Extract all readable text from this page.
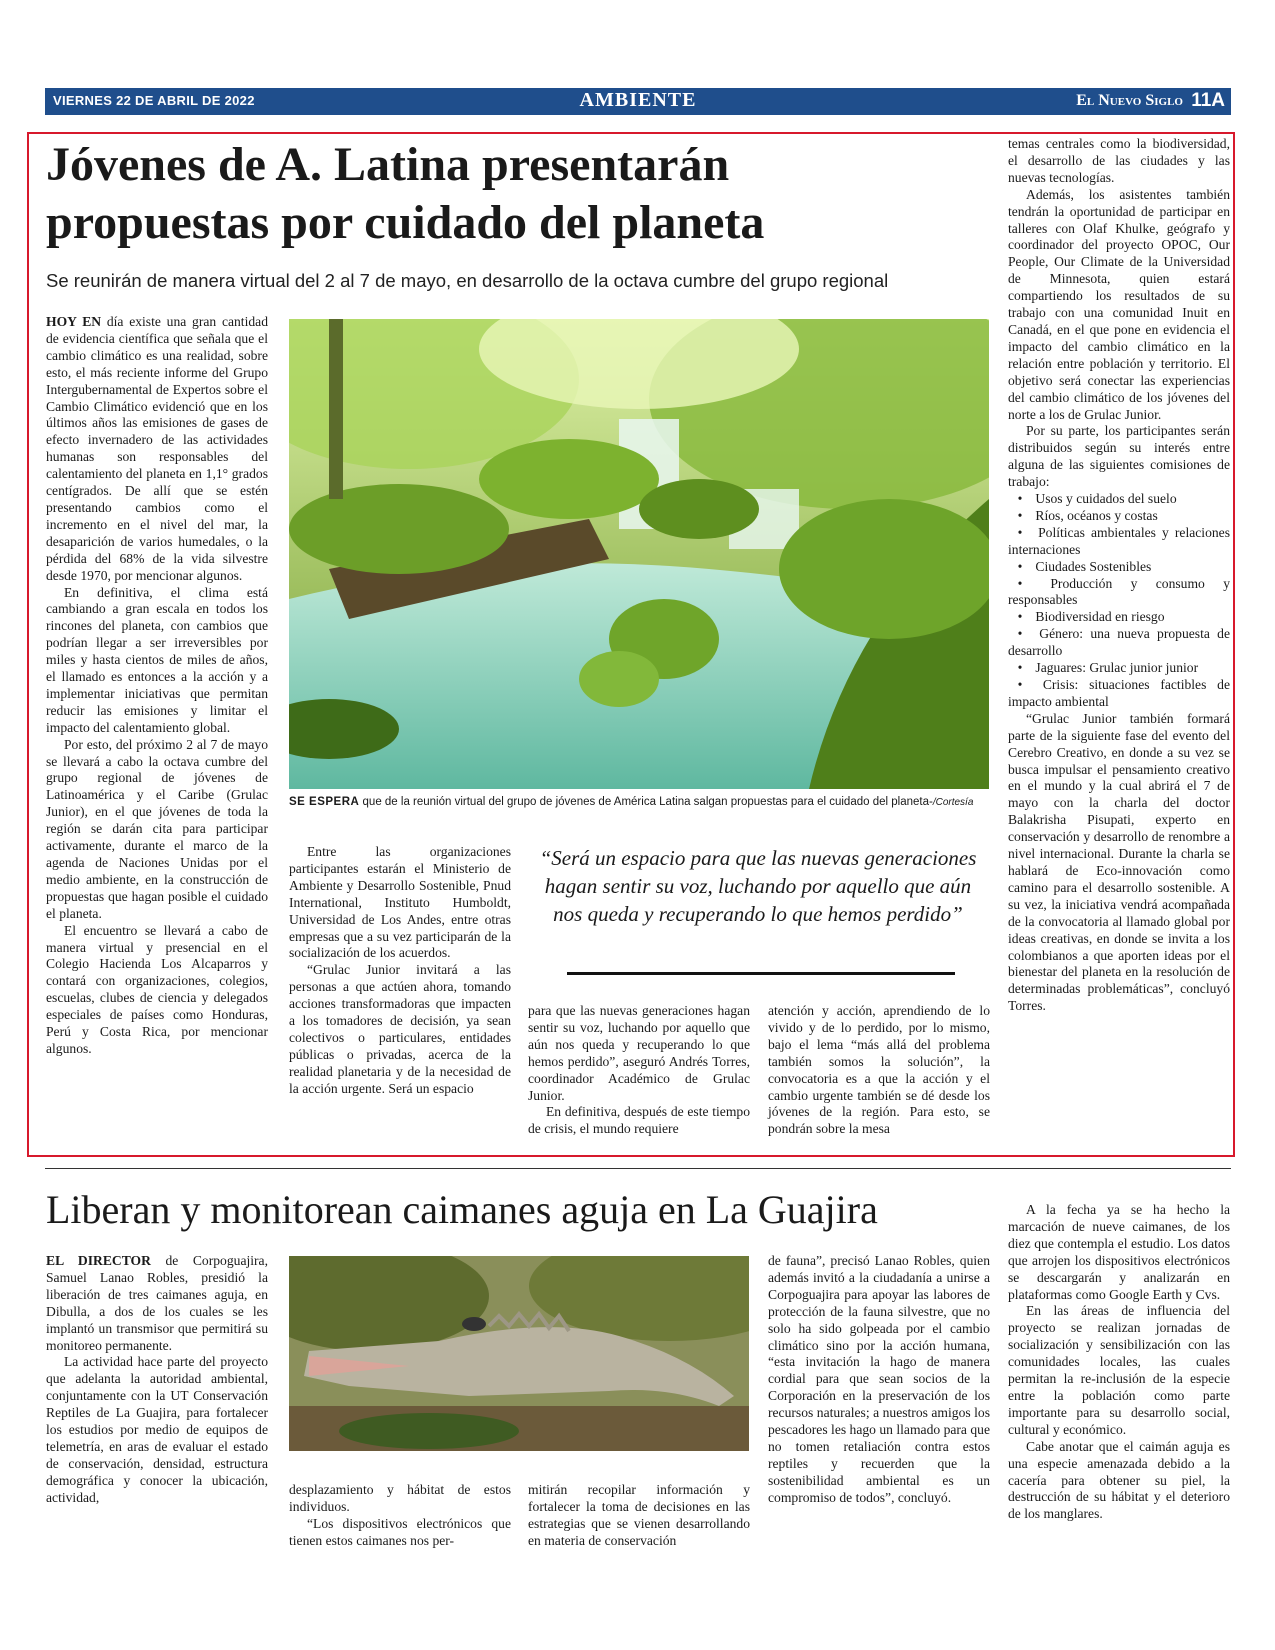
VIERNES 22 DE ABRIL DE 2022	AMBIENTE	El Nuevo Siglo 11A
Jóvenes de A. Latina presentarán
propuestas por cuidado del planeta
Se reunirán de manera virtual del 2 al 7 de mayo, en desarrollo de la octava cumbre del grupo regional

HOY EN día existe una gran cantidad de evidencia científica que señala que el cambio climático es una realidad, sobre esto, el más reciente informe del Grupo Intergubernamental de Expertos sobre el Cambio Climático evidenció que en los últimos años las emisiones de gases de efecto invernadero de las actividades humanas son responsables del calentamiento del planeta en 1,1° grados centígrados. De allí que se estén presentando cambios como el incremento en el nivel del mar, la desaparición de varios humedales, o la pérdida del 68% de la vida silvestre desde 1970, por mencionar algunos.

En definitiva, el clima está cambiando a gran escala en todos los rincones del planeta, con cambios que podrían llegar a ser irreversibles por miles y hasta cientos de miles de años, el llamado es entonces a la acción y a implementar iniciativas que permitan reducir las emisiones y limitar el impacto del calentamiento global.

Por esto, del próximo 2 al 7 de mayo se llevará a cabo la octava cumbre del grupo regional de jóvenes de Latinoamérica y el Caribe (Grulac Junior), en el que jóvenes de toda la región se darán cita para participar activamente, durante el marco de la agenda de Naciones Unidas por el medio ambiente, en la construcción de propuestas que hagan posible el cuidado el planeta.

El encuentro se llevará a cabo de manera virtual y presencial en el Colegio Hacienda Los Alcaparros y contará con organizaciones, colegios, escuelas, clubes de ciencia y delegados especiales de países como Honduras, Perú y Costa Rica, por mencionar algunos.

SE ESPERA que de la reunión virtual del grupo de jóvenes de América Latina salgan propuestas para el cuidado del planeta-/Cortesía

Entre las organizaciones participantes estarán el Ministerio de Ambiente y Desarrollo Sostenible, Pnud International, Instituto Humboldt, Universidad de Los Andes, entre otras empresas que a su vez participarán de la socialización de los acuerdos.

“Grulac Junior invitará a las personas a que actúen ahora, tomando acciones transformadoras que impacten a los tomadores de decisión, ya sean colectivos o particulares, entidades públicas o privadas, acerca de la realidad planetaria y de la necesidad de la acción urgente. Será un espacio

“Será un espacio para que las nuevas generaciones hagan sentir su voz, luchando por aquello que aún nos queda y recuperando lo que hemos perdido”

para que las nuevas generaciones hagan sentir su voz, luchando por aquello que aún nos queda y recuperando lo que hemos perdido”, aseguró Andrés Torres, coordinador Académico de Grulac Junior.

En definitiva, después de este tiempo de crisis, el mundo requiere

atención y acción, aprendiendo de lo vivido y de lo perdido, por lo mismo, bajo el lema “más allá del problema también somos la solución”, la convocatoria es a que la acción y el cambio urgente también se dé desde los jóvenes de la región. Para esto, se pondrán sobre la mesa

temas centrales como la biodiversidad, el desarrollo de las ciudades y las nuevas tecnologías.

Además, los asistentes también tendrán la oportunidad de participar en talleres con Olaf Khulke, geógrafo y coordinador del proyecto OPOC, Our People, Our Climate de la Universidad de Minnesota, quien estará compartiendo los resultados de su trabajo con una comunidad Inuit en Canadá, en el que pone en evidencia el impacto del cambio climático en la relación entre población y territorio. El objetivo será conectar las experiencias del cambio climático de los jóvenes del norte a los de Grulac Junior.

Por su parte, los participantes serán distribuidos según su interés entre alguna de las siguientes comisiones de trabajo:

• Usos y cuidados del suelo
• Ríos, océanos y costas
• Políticas ambientales y relaciones internaciones
• Ciudades Sostenibles
• Producción y consumo y responsables
• Biodiversidad en riesgo
• Género: una nueva propuesta de desarrollo
• Jaguares: Grulac junior junior
• Crisis: situaciones factibles de impacto ambiental

“Grulac Junior también formará parte de la siguiente fase del evento del Cerebro Creativo, en donde a su vez se busca impulsar el pensamiento creativo en el mundo y la cual abrirá el 7 de mayo con la charla del doctor Balakrisha Pisupati, experto en conservación y desarrollo de renombre a nivel internacional. Durante la charla se hablará de Eco-innovación como camino para el desarrollo sostenible. A su vez, la iniciativa vendrá acompañada de la convocatoria al llamado global por ideas creativas, en donde se invita a los colombianos a que aporten ideas por el bienestar del planeta en la resolución de determinadas problemáticas”, concluyó Torres.

Liberan y monitorean caimanes aguja en La Guajira

EL DIRECTOR de Corpoguajira, Samuel Lanao Robles, presidió la liberación de tres caimanes aguja, en Dibulla, a dos de los cuales se les implantó un transmisor que permitirá su monitoreo permanente.

La actividad hace parte del proyecto que adelanta la autoridad ambiental, conjuntamente con la UT Conservación Reptiles de La Guajira, para fortalecer los estudios por medio de equipos de telemetría, en aras de evaluar el estado de conservación, densidad, estructura demográfica y conocer la ubicación, actividad,

desplazamiento y hábitat de estos individuos.

“Los dispositivos electrónicos que tienen estos caimanes nos per-

mitirán recopilar información y fortalecer la toma de decisiones en las estrategias que se vienen desarrollando en materia de conservación

de fauna”, precisó Lanao Robles, quien además invitó a la ciudadanía a unirse a Corpoguajira para apoyar las labores de protección de la fauna silvestre, que no solo ha sido golpeada por el cambio climático sino por la acción humana, “esta invitación la hago de manera cordial para que sean socios de la Corporación en la preservación de los recursos naturales; a nuestros amigos los pescadores les hago un llamado para que no tomen retaliación contra estos reptiles y recuerden que la sostenibilidad ambiental es un compromiso de todos”, concluyó.

A la fecha ya se ha hecho la marcación de nueve caimanes, de los diez que contempla el estudio. Los datos que arrojen los dispositivos electrónicos se descargarán y analizarán en plataformas como Google Earth y Cvs.

En las áreas de influencia del proyecto se realizan jornadas de socialización y sensibilización con las comunidades locales, las cuales permitan la re-inclusión de la especie entre la población como parte importante para su desarrollo social, cultural y económico.

Cabe anotar que el caimán aguja es una especie amenazada debido a la cacería para obtener su piel, la destrucción de su hábitat y el deterioro de los manglares.
